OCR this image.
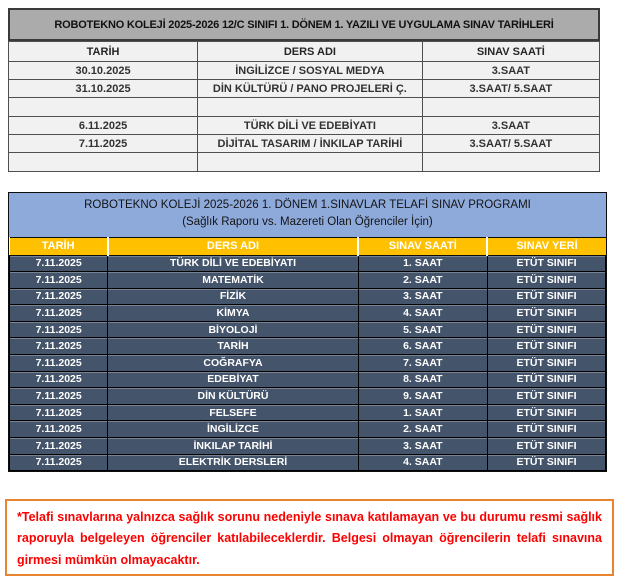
ROBOTEKNO KOLEJİ 2025-2026 12/C SINIFI 1. DÖNEM 1. YAZILI VE UYGULAMA SINAV TARİHLERİ
TARİH	DERS ADI	SINAV SAATİ
30.10.2025	İNGİLİZCE / SOSYAL MEDYA	3.SAAT
31.10.2025	DİN KÜLTÜRÜ / PANO PROJELERİ Ç.	3.SAAT/ 5.SAAT

6.11.2025	TÜRK DİLİ VE EDEBİYATI	3.SAAT
7.11.2025	DİJİTAL TASARIM / İNKILAP TARİHİ	3.SAAT/ 5.SAAT

ROBOTEKNO KOLEJİ 2025-2026 1. DÖNEM 1.SINAVLAR TELAFİ SINAV PROGRAMI
(Sağlık Raporu vs. Mazereti Olan Öğrenciler İçin)
TARİH	DERS ADI	SINAV SAATİ	SINAV YERİ
7.11.2025	TÜRK DİLİ VE EDEBİYATI	1. SAAT	ETÜT SINIFI
7.11.2025	MATEMATİK	2. SAAT	ETÜT SINIFI
7.11.2025	FİZİK	3. SAAT	ETÜT SINIFI
7.11.2025	KİMYA	4. SAAT	ETÜT SINIFI
7.11.2025	BİYOLOJİ	5. SAAT	ETÜT SINIFI
7.11.2025	TARİH	6. SAAT	ETÜT SINIFI
7.11.2025	COĞRAFYA	7. SAAT	ETÜT SINIFI
7.11.2025	EDEBİYAT	8. SAAT	ETÜT SINIFI
7.11.2025	DİN KÜLTÜRÜ	9. SAAT	ETÜT SINIFI
7.11.2025	FELSEFE	1. SAAT	ETÜT SINIFI
7.11.2025	İNGİLİZCE	2. SAAT	ETÜT SINIFI
7.11.2025	İNKILAP TARİHİ	3. SAAT	ETÜT SINIFI
7.11.2025	ELEKTRİK DERSLERİ	4. SAAT	ETÜT SINIFI
*Telafi sınavlarına yalnızca sağlık sorunu nedeniyle sınava katılamayan ve bu durumu resmi sağlık raporuyla belgeleyen öğrenciler katılabileceklerdir. Belgesi olmayan öğrencilerin telafi sınavına girmesi mümkün olmayacaktır.
